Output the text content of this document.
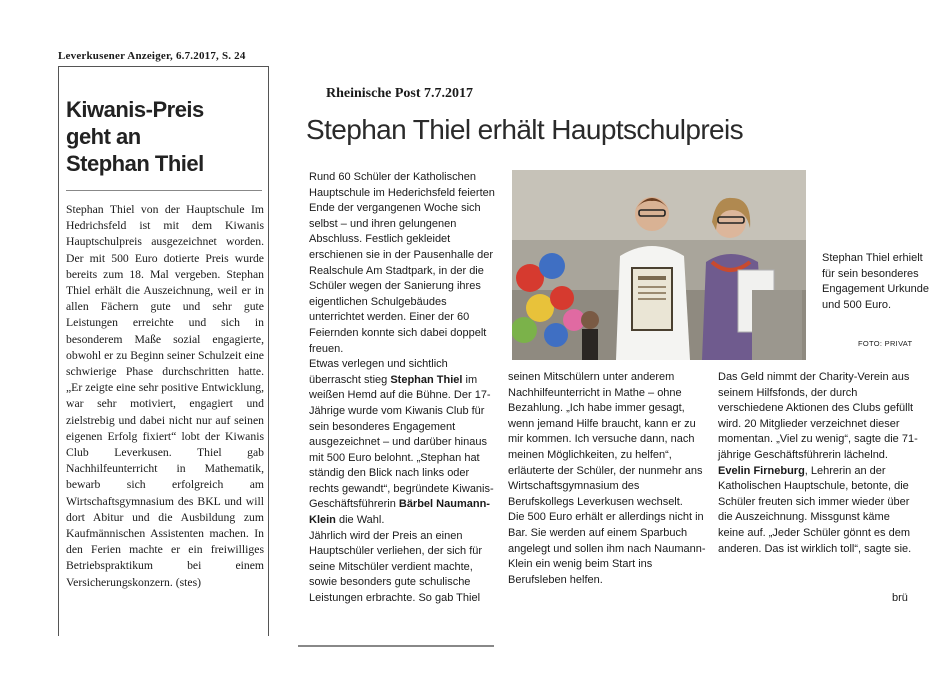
Leverkusener Anzeiger, 6.7.2017, S. 24
Kiwanis-Preis
geht an
Stephan Thiel

Stephan Thiel von der Hauptschule Im Hedrichsfeld ist mit dem Kiwanis Hauptschulpreis ausgezeichnet worden. Der mit 500 Euro dotierte Preis wurde bereits zum 18. Mal vergeben. Stephan Thiel erhält die Auszeichnung, weil er in allen Fächern gute und sehr gute Leistungen erreichte und sich in besonderem Maße sozial engagierte, obwohl er zu Beginn seiner Schulzeit eine schwierige Phase durchschritten hatte. „Er zeigte eine sehr positive Entwicklung, war sehr motiviert, engagiert und zielstrebig und dabei nicht nur auf seinen eigenen Erfolg fixiert“ lobt der Kiwanis Club Leverkusen. Thiel gab Nachhilfeunterricht in Mathematik, bewarb sich erfolgreich am Wirtschaftsgymnasium des BKL und will dort Abitur und die Ausbildung zum Kaufmännischen Assistenten machen. In den Ferien machte er ein freiwilliges Betriebspraktikum bei einem Versicherungskonzern. (stes)

Rheinische Post 7.7.2017
Stephan Thiel erhält Hauptschulpreis

Rund 60 Schüler der Katholischen Hauptschule im Hederichsfeld feierten Ende der vergangenen Woche sich selbst – und ihren gelungenen Abschluss. Festlich gekleidet erschienen sie in der Pausenhalle der Realschule Am Stadtpark, in der die Schüler wegen der Sanierung ihres eigentlichen Schulgebäudes unterrichtet werden. Einer der 60 Feiernden konnte sich dabei doppelt freuen.

Etwas verlegen und sichtlich überrascht stieg Stephan Thiel im weißen Hemd auf die Bühne. Der 17-Jährige wurde vom Kiwanis Club für sein besonderes Engagement ausgezeichnet – und darüber hinaus mit 500 Euro belohnt. „Stephan hat ständig den Blick nach links oder rechts gewandt“, begründete Kiwanis-Geschäftsführerin Bärbel Naumann-Klein die Wahl.

Jährlich wird der Preis an einen Hauptschüler verliehen, der sich für seine Mitschüler verdient machte, sowie besonders gute schulische Leistungen erbrachte. So gab Thiel

Stephan Thiel erhielt für sein besonderes Engagement Urkunde und 500 Euro.
FOTO: PRIVAT

seinen Mitschülern unter anderem Nachhilfeunterricht in Mathe – ohne Bezahlung. „Ich habe immer gesagt, wenn jemand Hilfe braucht, kann er zu mir kommen. Ich versuche dann, nach meinen Möglichkeiten, zu helfen“, erläuterte der Schüler, der nunmehr ans Wirtschaftsgymnasium des Berufskollegs Leverkusen wechselt.

Die 500 Euro erhält er allerdings nicht in Bar. Sie werden auf einem Sparbuch angelegt und sollen ihm nach Naumann-Klein ein wenig beim Start ins Berufsleben helfen.

Das Geld nimmt der Charity-Verein aus seinem Hilfsfonds, der durch verschiedene Aktionen des Clubs gefüllt wird. 20 Mitglieder verzeichnet dieser momentan. „Viel zu wenig“, sagte die 71-jährige Geschäftsführerin lächelnd.

Evelin Firneburg, Lehrerin an der Katholischen Hauptschule, betonte, die Schüler freuten sich immer wieder über die Auszeichnung. Missgunst käme keine auf. „Jeder Schüler gönnt es dem anderen. Das ist wirklich toll“, sagte sie.

brü
